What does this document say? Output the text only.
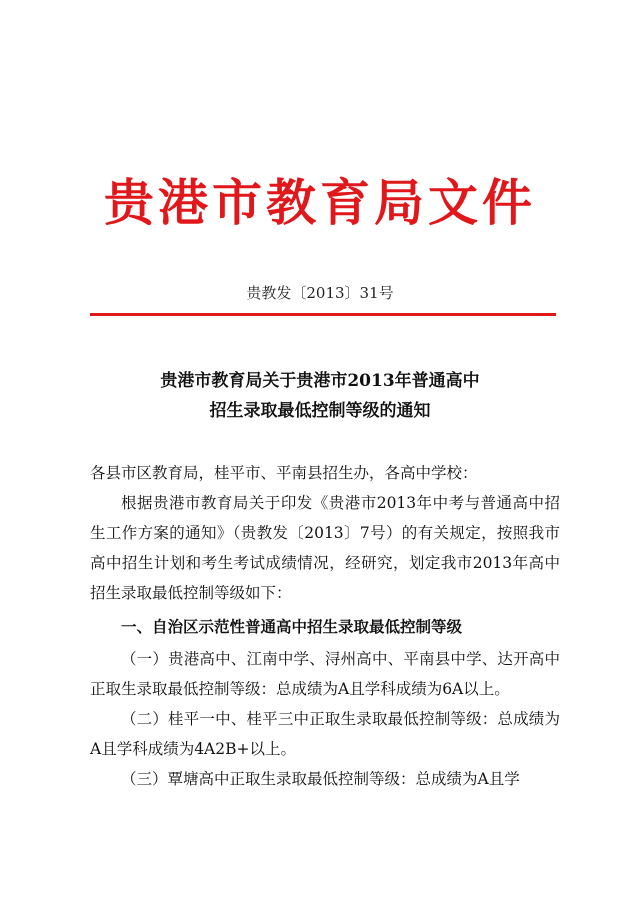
贵港市教育局文件
贵教发〔2013〕31号
贵港市教育局关于贵港市2013年普通高中
招生录取最低控制等级的通知

各县市区教育局，桂平市、平南县招生办，各高中学校：

根据贵港市教育局关于印发《贵港市2013年中考与普通高中招生工作方案的通知》（贵教发〔2013〕7号）的有关规定，按照我市高中招生计划和考生考试成绩情况，经研究，划定我市2013年高中招生录取最低控制等级如下：

一、自治区示范性普通高中招生录取最低控制等级

（一）贵港高中、江南中学、浔州高中、平南县中学、达开高中正取生录取最低控制等级：总成绩为A且学科成绩为6A以上。

（二）桂平一中、桂平三中正取生录取最低控制等级：总成绩为A且学科成绩为4A2B+以上。

（三）覃塘高中正取生录取最低控制等级：总成绩为A且学
